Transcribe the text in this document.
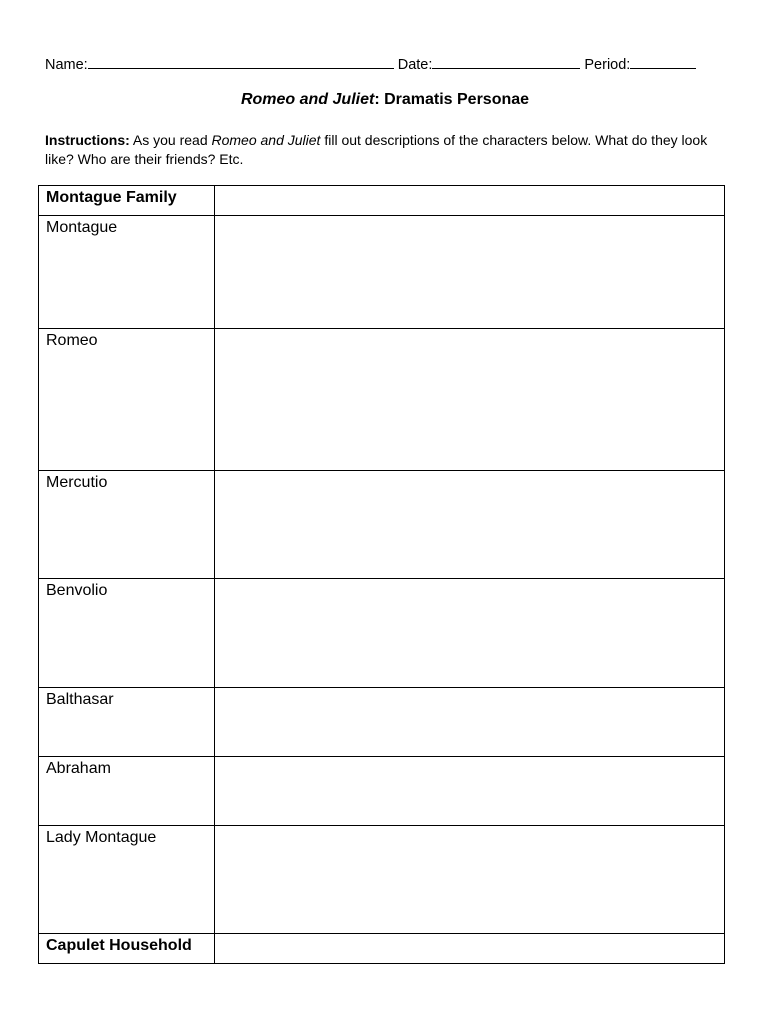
Name:	Date:	Period:
Romeo and Juliet: Dramatis Personae
Instructions: As you read Romeo and Juliet fill out descriptions of the characters below. What do they look like? Who are their friends? Etc.
Montague Family	
Montague	
Romeo	
Mercutio	
Benvolio	
Balthasar	
Abraham	
Lady Montague	
Capulet Household	
